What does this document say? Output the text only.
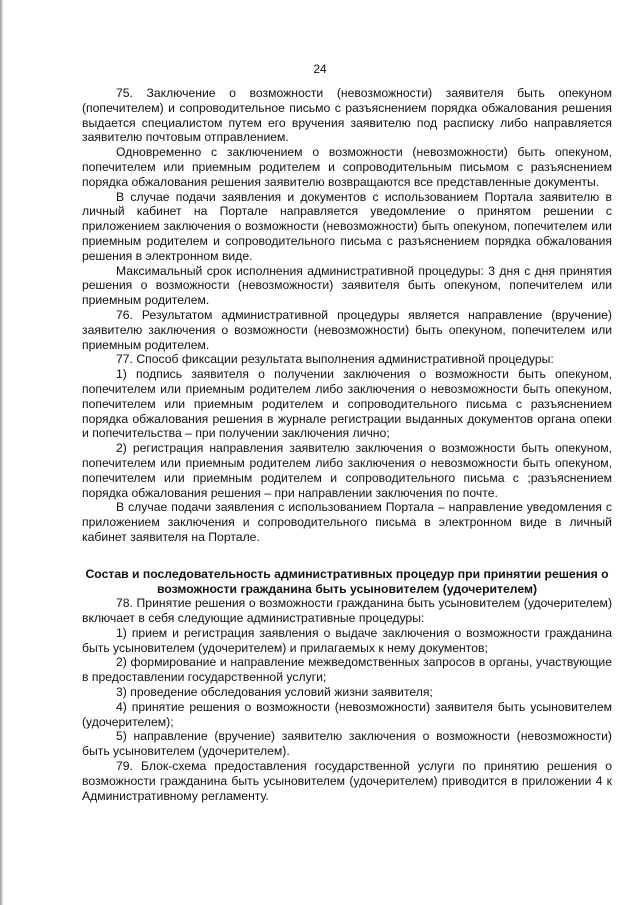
24

75. Заключение о возможности (невозможности) заявителя быть опекуном (попечителем) и сопроводительное письмо с разъяснением порядка обжалования решения выдается специалистом путем его вручения заявителю под расписку либо направляется заявителю почтовым отправлением.

Одновременно с заключением о возможности (невозможности) быть опекуном, попечителем или приемным родителем и сопроводительным письмом с разъяснением порядка обжалования решения заявителю возвращаются все представленные документы.

В случае подачи заявления и документов с использованием Портала заявителю в личный кабинет на Портале направляется уведомление о принятом решении с приложением заключения о возможности (невозможности) быть опекуном, попечителем или приемным родителем и сопроводительного письма с разъяснением порядка обжалования решения в электронном виде.

Максимальный срок исполнения административной процедуры: 3 дня с дня принятия решения о возможности (невозможности) заявителя быть опекуном, попечителем или приемным родителем.

76. Результатом административной процедуры является направление (вручение) заявителю заключения о возможности (невозможности) быть опекуном, попечителем или приемным родителем.

77. Способ фиксации результата выполнения административной процедуры:

1) подпись заявителя о получении заключения о возможности быть опекуном, попечителем или приемным родителем либо заключения о невозможности быть опекуном, попечителем или приемным родителем и сопроводительного письма с разъяснением порядка обжалования решения в журнале регистрации выданных документов органа опеки и попечительства – при получении заключения лично;

2) регистрация направления заявителю заключения о возможности быть опекуном, попечителем или приемным родителем либо заключения о невозможности быть опекуном, попечителем или приемным родителем и сопроводительного письма с ;разъяснением порядка обжалования решения – при направлении заключения по почте.

В случае подачи заявления с использованием Портала – направление уведомления с приложением заключения и сопроводительного письма в электронном виде в личный кабинет заявителя на Портале.

Состав и последовательность административных процедур при принятии решения о возможности гражданина быть усыновителем (удочерителем)

78. Принятие решения о возможности гражданина быть усыновителем (удочерителем) включает в себя следующие административные процедуры:

1) прием и регистрация заявления о выдаче заключения о возможности гражданина быть усыновителем (удочерителем) и прилагаемых к нему документов;

2) формирование и направление межведомственных запросов в органы, участвующие в предоставлении государственной услуги;

3) проведение обследования условий жизни заявителя;

4) принятие решения о возможности (невозможности) заявителя быть усыновителем (удочерителем);

5) направление (вручение) заявителю заключения о возможности (невозможности) быть усыновителем (удочерителем).

79. Блок-схема предоставления государственной услуги по принятию решения о возможности гражданина быть усыновителем (удочерителем) приводится в приложении 4 к Административному регламенту.
